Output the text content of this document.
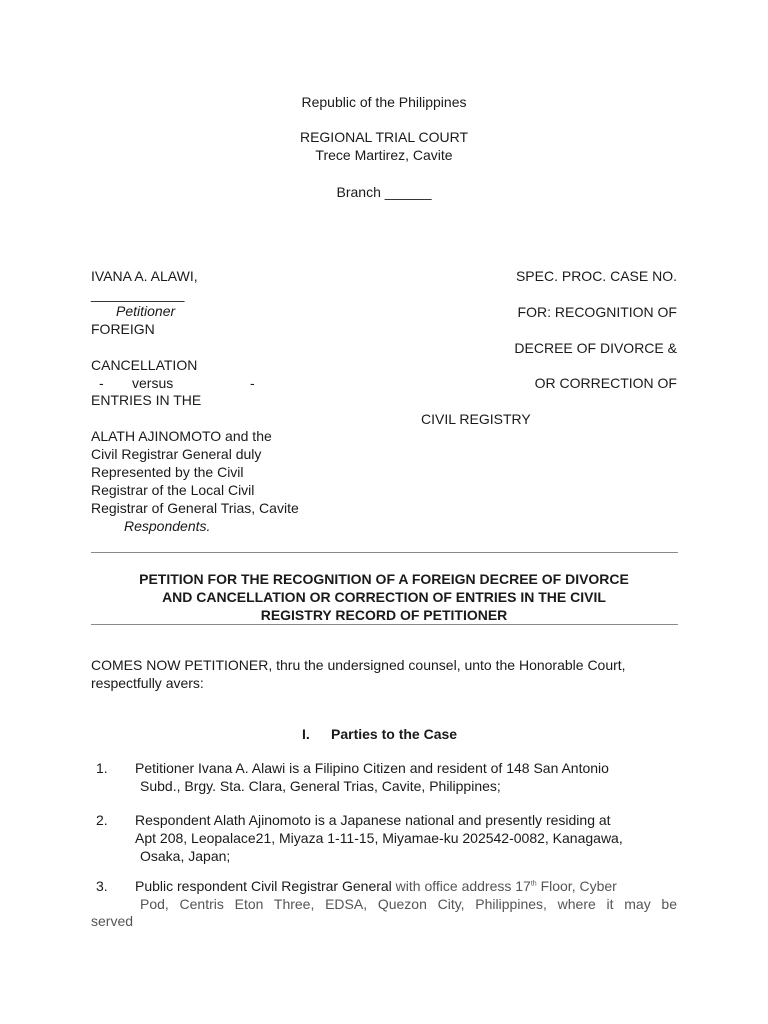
Republic of the Philippines
REGIONAL TRIAL COURT
Trece Martirez, Cavite
Branch ______
IVANA A. ALAWI,
____________
Petitioner
FOREIGN
CANCELLATION
- versus	-
ENTRIES IN THE
ALATH AJINOMOTO and the
Civil Registrar General duly
Represented by the Civil
Registrar of the Local Civil
Registrar of General Trias, Cavite
Respondents.
SPEC. PROC. CASE NO.
FOR: RECOGNITION OF
DECREE OF DIVORCE &
OR CORRECTION OF
CIVIL REGISTRY
PETITION FOR THE RECOGNITION OF A FOREIGN DECREE OF DIVORCE
AND CANCELLATION OR CORRECTION OF ENTRIES IN THE CIVIL
REGISTRY RECORD OF PETITIONER
COMES NOW PETITIONER, thru the undersigned counsel, unto the Honorable Court,
respectfully avers:
I. Parties to the Case
1. Petitioner Ivana A. Alawi is a Filipino Citizen and resident of 148 San Antonio
Subd., Brgy. Sta. Clara, General Trias, Cavite, Philippines;
2. Respondent Alath Ajinomoto is a Japanese national and presently residing at
Apt 208, Leopalace21, Miyaza 1-11-15, Miyamae-ku 202542-0082, Kanagawa,
Osaka, Japan;
3. Public respondent Civil Registrar General with office address 17th Floor, Cyber
Pod, Centris Eton Three, EDSA, Quezon City, Philippines, where it may be
served
